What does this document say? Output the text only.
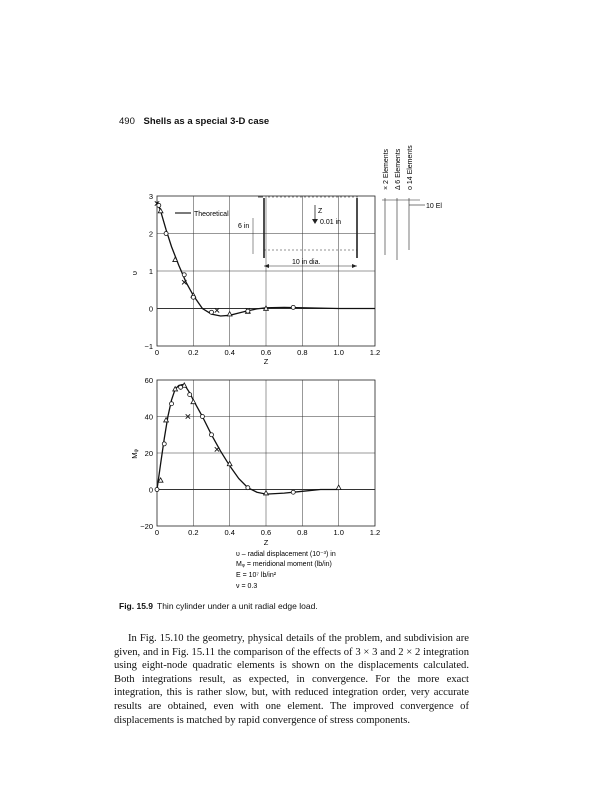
490 Shells as a special 3-D case
0	0.2	0.4	0.6	0.8	1.0	1.2
−1
0
1
2
3
υ
Z
Z
0.01 in
6 in
10 in dia.
Theoretical
× 2 Elements Δ 6 Elements o 14 Elements
10 El
0	0.2	0.4	0.6	0.8	1.0	1.2
−20
0
20
40
60
Mᵩ
Z
υ – radial displacement (10⁻³) in
Mᵩ = meridional moment (lb/in)
E = 10⁷ lb/in²
ν = 0.3
Fig. 15.9 Thin cylinder under a unit radial edge load.

In Fig. 15.10 the geometry, physical details of the problem, and subdivision are given, and in Fig. 15.11 the comparison of the effects of 3 × 3 and 2 × 2 integration using eight-node quadratic elements is shown on the displacements calculated. Both integrations result, as expected, in convergence. For the more exact integration, this is rather slow, but, with reduced integration order, very accurate results are obtained, even with one element. The improved convergence of displacements is matched by rapid convergence of stress components.
